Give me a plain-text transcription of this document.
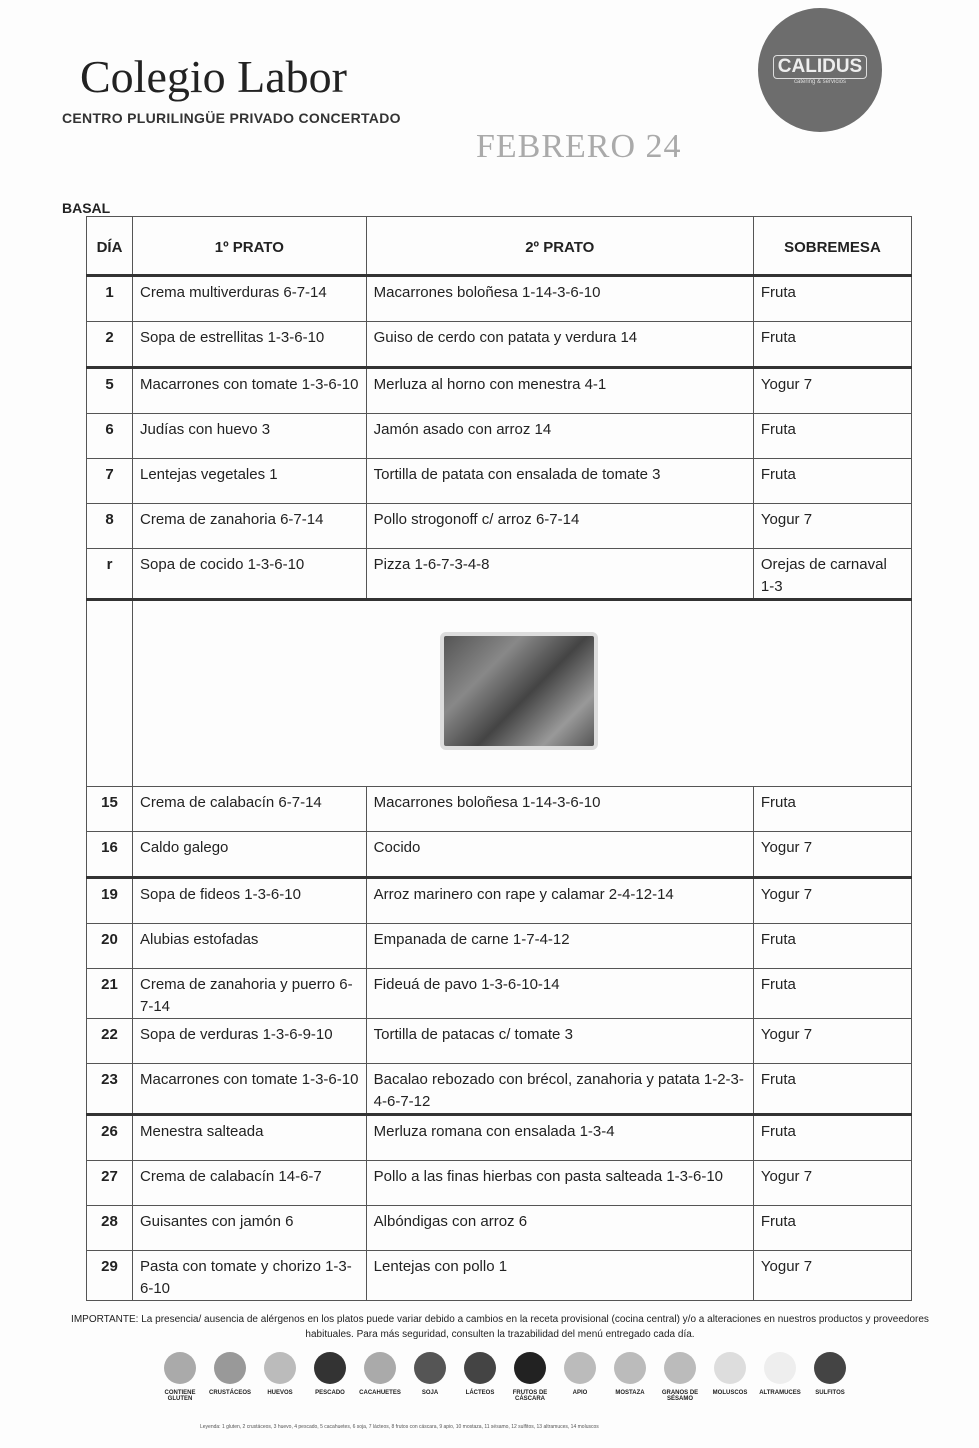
Colegio Labor
CENTRO PLURILINGÜE PRIVADO CONCERTADO
FEBRERO 24
CALIDUS
catering & servicios
BASAL
DÍA	1º PRATO	2º PRATO	SOBREMESA
1	Crema multiverduras 6-7-14	Macarrones boloñesa 1-14-3-6-10	Fruta
2	Sopa de estrellitas 1-3-6-10	Guiso de cerdo con patata y verdura 14	Fruta
5	Macarrones con tomate 1-3-6-10	Merluza al horno con menestra 4-1	Yogur 7
6	Judías con huevo 3	Jamón asado con arroz 14	Fruta
7	Lentejas vegetales 1	Tortilla de patata con ensalada de tomate 3	Fruta
8	Crema de zanahoria 6-7-14	Pollo strogonoff c/ arroz 6-7-14	Yogur 7
r	Sopa de cocido 1-3-6-10	Pizza 1-6-7-3-4-8	Orejas de carnaval 1-3

15	Crema de calabacín 6-7-14	Macarrones boloñesa 1-14-3-6-10	Fruta
16	Caldo galego	Cocido	Yogur 7
19	Sopa de fideos 1-3-6-10	Arroz marinero con rape y calamar 2-4-12-14	Yogur 7
20	Alubias estofadas	Empanada de carne 1-7-4-12	Fruta
21	Crema de zanahoria y puerro 6-7-14	Fideuá de pavo 1-3-6-10-14	Fruta
22	Sopa de verduras 1-3-6-9-10	Tortilla de patacas c/ tomate 3	Yogur 7
23	Macarrones con tomate 1-3-6-10	Bacalao rebozado con brécol, zanahoria y patata 1-2-3-4-6-7-12	Fruta
26	Menestra salteada	Merluza romana con ensalada 1-3-4	Fruta
27	Crema de calabacín 14-6-7	Pollo a las finas hierbas con pasta salteada 1-3-6-10	Yogur 7
28	Guisantes con jamón 6	Albóndigas con arroz 6	Fruta
29	Pasta con tomate y chorizo 1-3-6-10	Lentejas con pollo 1	Yogur 7
IMPORTANTE: La presencia/ ausencia de alérgenos en los platos puede variar debido a cambios en la receta provisional (cocina central) y/o a alteraciones en nuestros productos y proveedores habituales. Para más seguridad, consulten la trazabilidad del menú entregado cada día.
CONTIENE GLUTEN
CRUSTÁCEOS	HUEVOS	PESCADO	CACAHUETES	SOJA	LÁCTEOS	FRUTOS DE CÁSCARA
APIO	MOSTAZA	GRANOS DE SÉSAMO
MOLUSCOS	ALTRAMUCES	SULFITOS
Leyenda: 1 gluten, 2 crustáceos, 3 huevo, 4 pescado, 5 cacahuetes, 6 soja, 7 lácteos, 8 frutos con cáscara, 9 apio, 10 mostaza, 11 sésamo, 12 sulfitos, 13 altramuces, 14 moluscos
